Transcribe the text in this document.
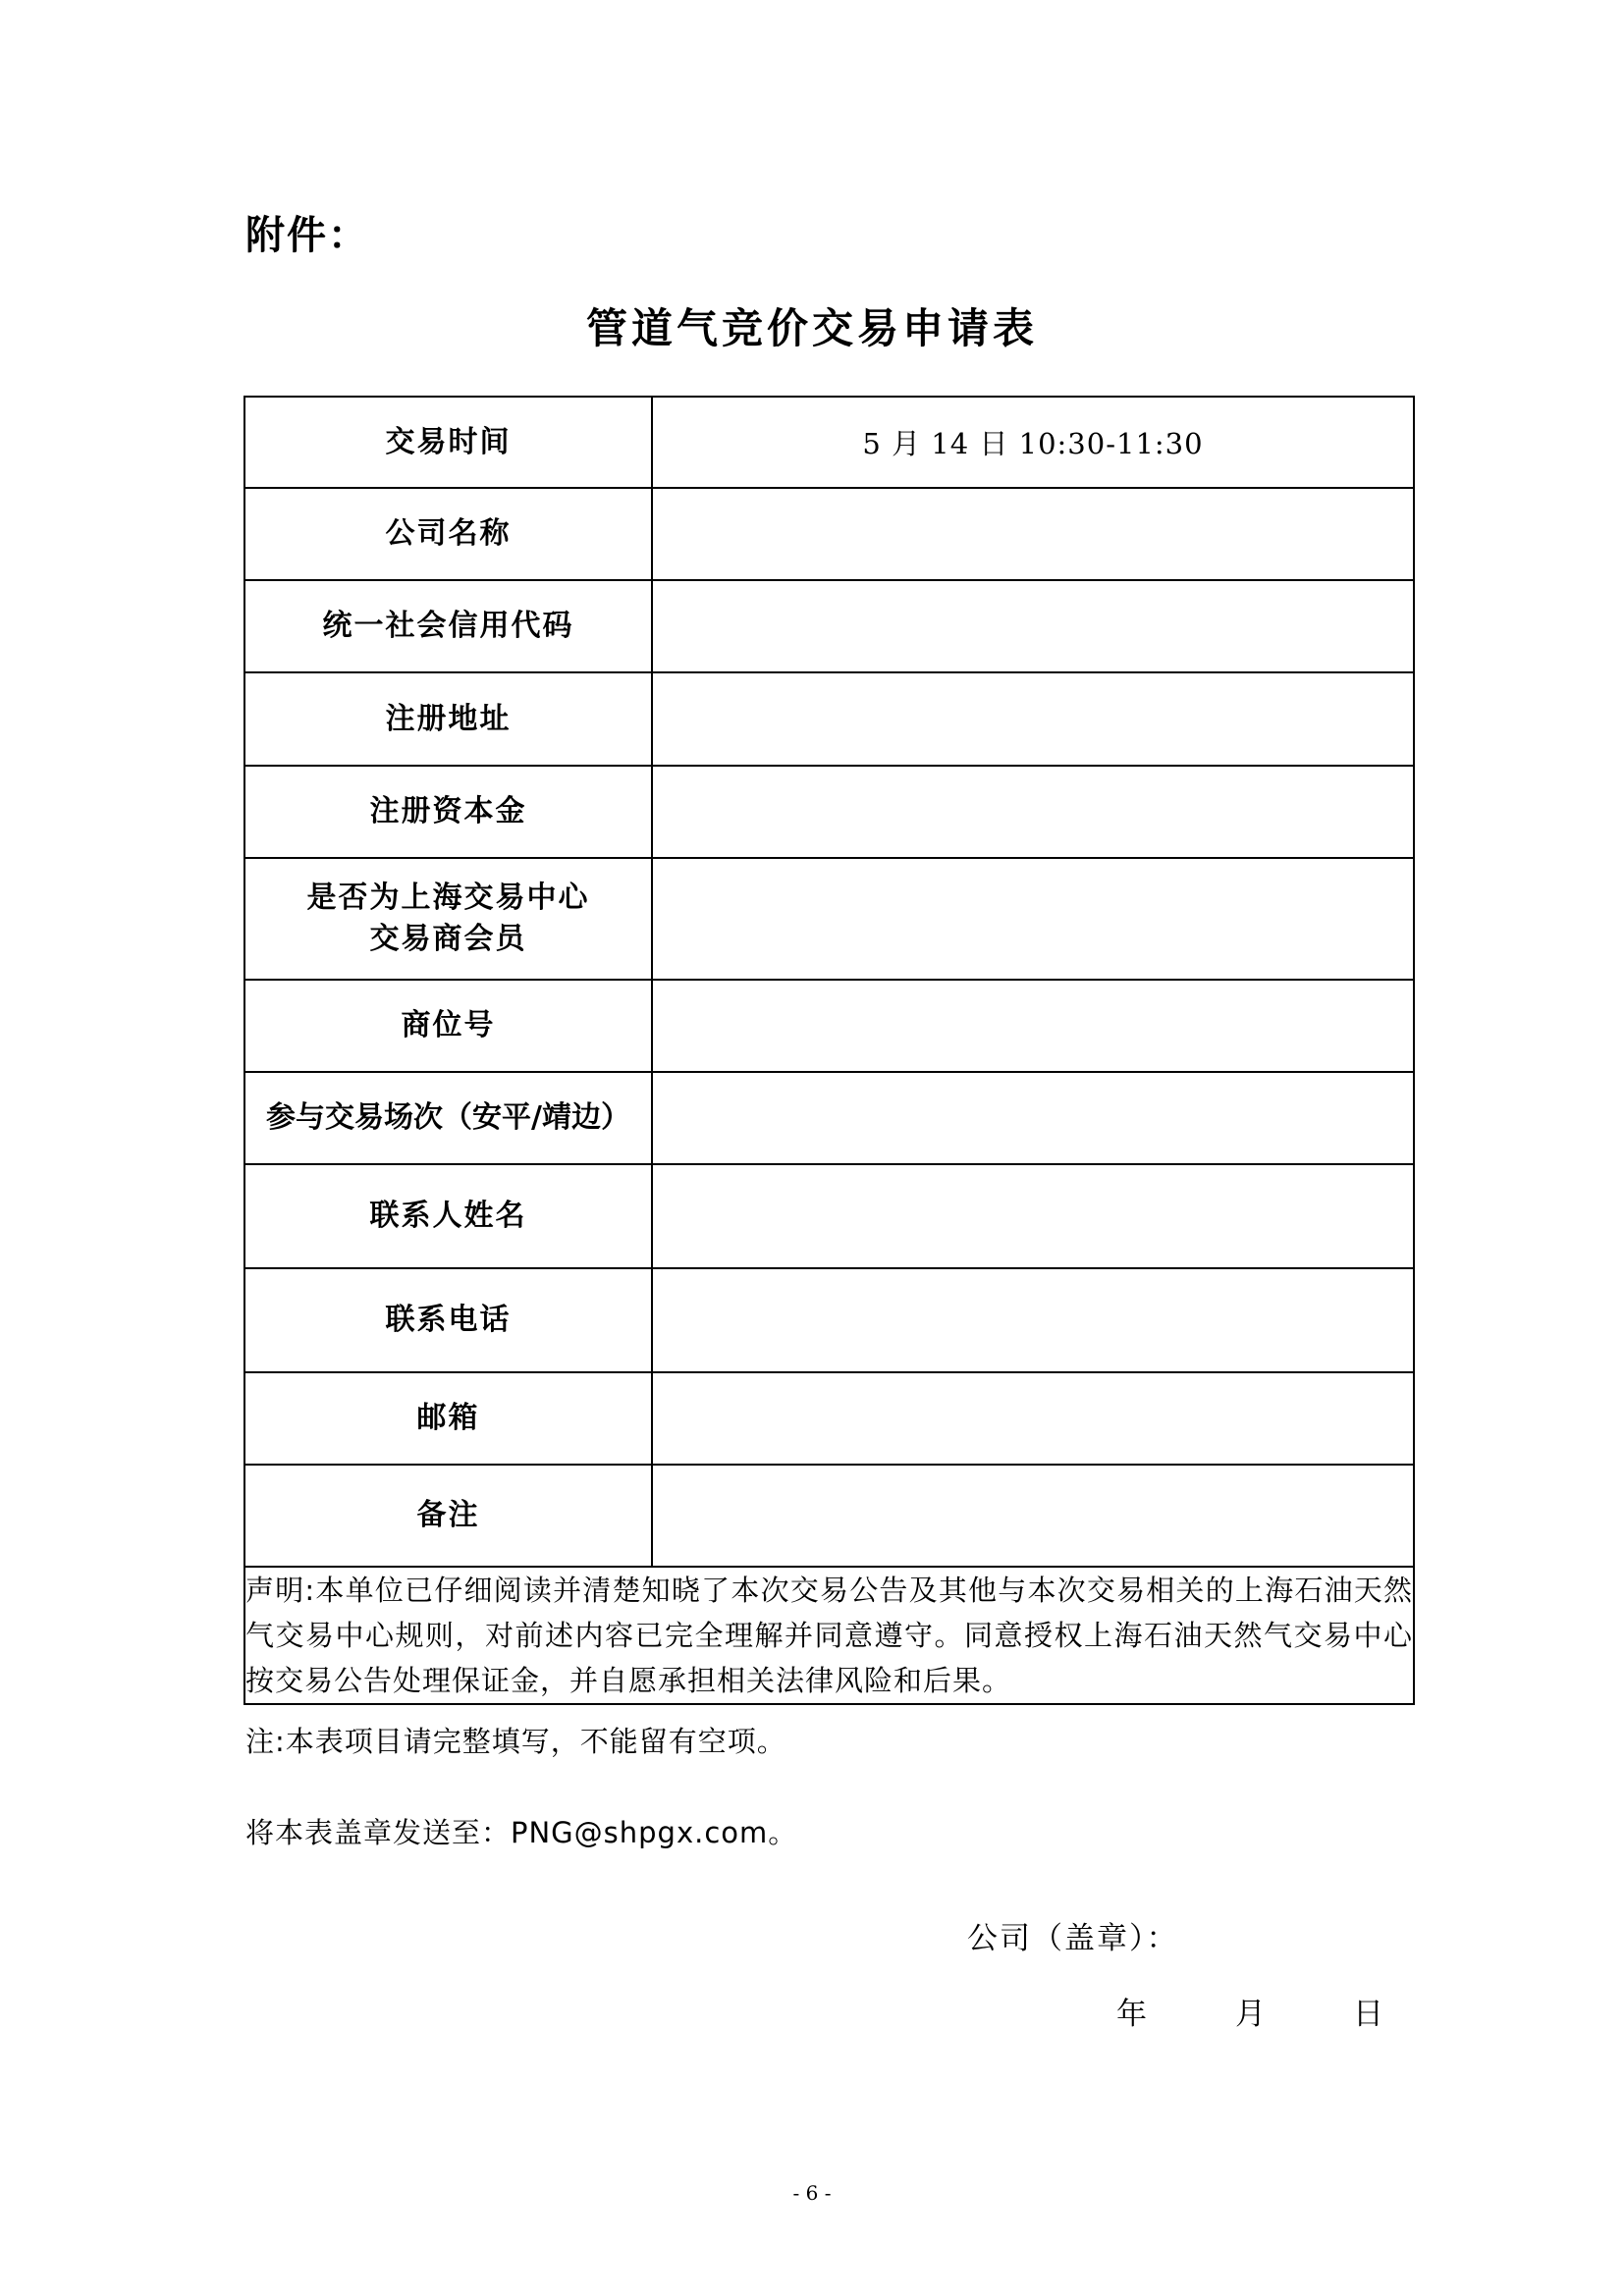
附件：
管道气竞价交易申请表
交易时间	5 月 14 日 10:30-11:30
公司名称	
统一社会信用代码	
注册地址	
注册资本金	

是否为上海交易中心
交易商会员	

商位号	
参与交易场次（安平/靖边）	
联系人姓名	
联系电话	
邮箱	
备注	
声明:本单位已仔细阅读并清楚知晓了本次交易公告及其他与本次交易相关的上海石油天然气交易中心规则，对前述内容已完全理解并同意遵守。同意授权上海石油天然气交易中心按交易公告处理保证金，并自愿承担相关法律风险和后果。	
注:本表项目请完整填写，不能留有空项。
将本表盖章发送至：PNG@shpgx.com。
公司（盖章）：
年	月	日
- 6 -
